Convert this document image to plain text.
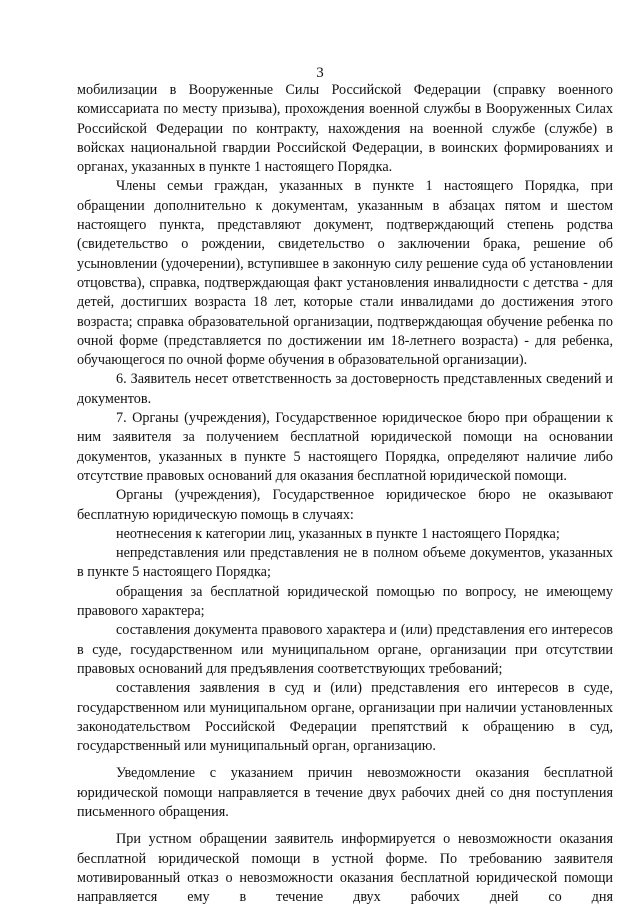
3

мобилизации в Вооруженные Силы Российской Федерации (справку военного комиссариата по месту призыва), прохождения военной службы в Вооруженных Силах Российской Федерации по контракту, нахождения на военной службе (службе) в войсках национальной гвардии Российской Федерации, в воинских формированиях и органах, указанных в пункте 1 настоящего Порядка.

Члены семьи граждан, указанных в пункте 1 настоящего Порядка, при обращении дополнительно к документам, указанным в абзацах пятом и шестом настоящего пункта, представляют документ, подтверждающий степень родства (свидетельство о рождении, свидетельство о заключении брака, решение об усыновлении (удочерении), вступившее в законную силу решение суда об установлении отцовства), справка, подтверждающая факт установления инвалидности с детства - для детей, достигших возраста 18 лет, которые стали инвалидами до достижения этого возраста; справка образовательной организации, подтверждающая обучение ребенка по очной форме (представляется по достижении им 18-летнего возраста) - для ребенка, обучающегося по очной форме обучения в образовательной организации).

6. Заявитель несет ответственность за достоверность представленных сведений и документов.

7. Органы (учреждения), Государственное юридическое бюро при обращении к ним заявителя за получением бесплатной юридической помощи на основании документов, указанных в пункте 5 настоящего Порядка, определяют наличие либо отсутствие правовых оснований для оказания бесплатной юридической помощи.

Органы (учреждения), Государственное юридическое бюро не оказывают бесплатную юридическую помощь в случаях:

неотнесения к категории лиц, указанных в пункте 1 настоящего Порядка;

непредставления или представления не в полном объеме документов, указанных в пункте 5 настоящего Порядка;

обращения за бесплатной юридической помощью по вопросу, не имеющему правового характера;

составления документа правового характера и (или) представления его интересов в суде, государственном или муниципальном органе, организации при отсутствии правовых оснований для предъявления соответствующих требований;

составления заявления в суд и (или) представления его интересов в суде, государственном или муниципальном органе, организации при наличии установленных законодательством Российской Федерации препятствий к обращению в суд, государственный или муниципальный орган, организацию.

Уведомление с указанием причин невозможности оказания бесплатной юридической помощи направляется в течение двух рабочих дней со дня поступления письменного обращения.

При устном обращении заявитель информируется о невозможности оказания бесплатной юридической помощи в устной форме. По требованию заявителя мотивированный отказ о невозможности оказания бесплатной юридической помощи направляется ему в течение двух рабочих дней со дня
